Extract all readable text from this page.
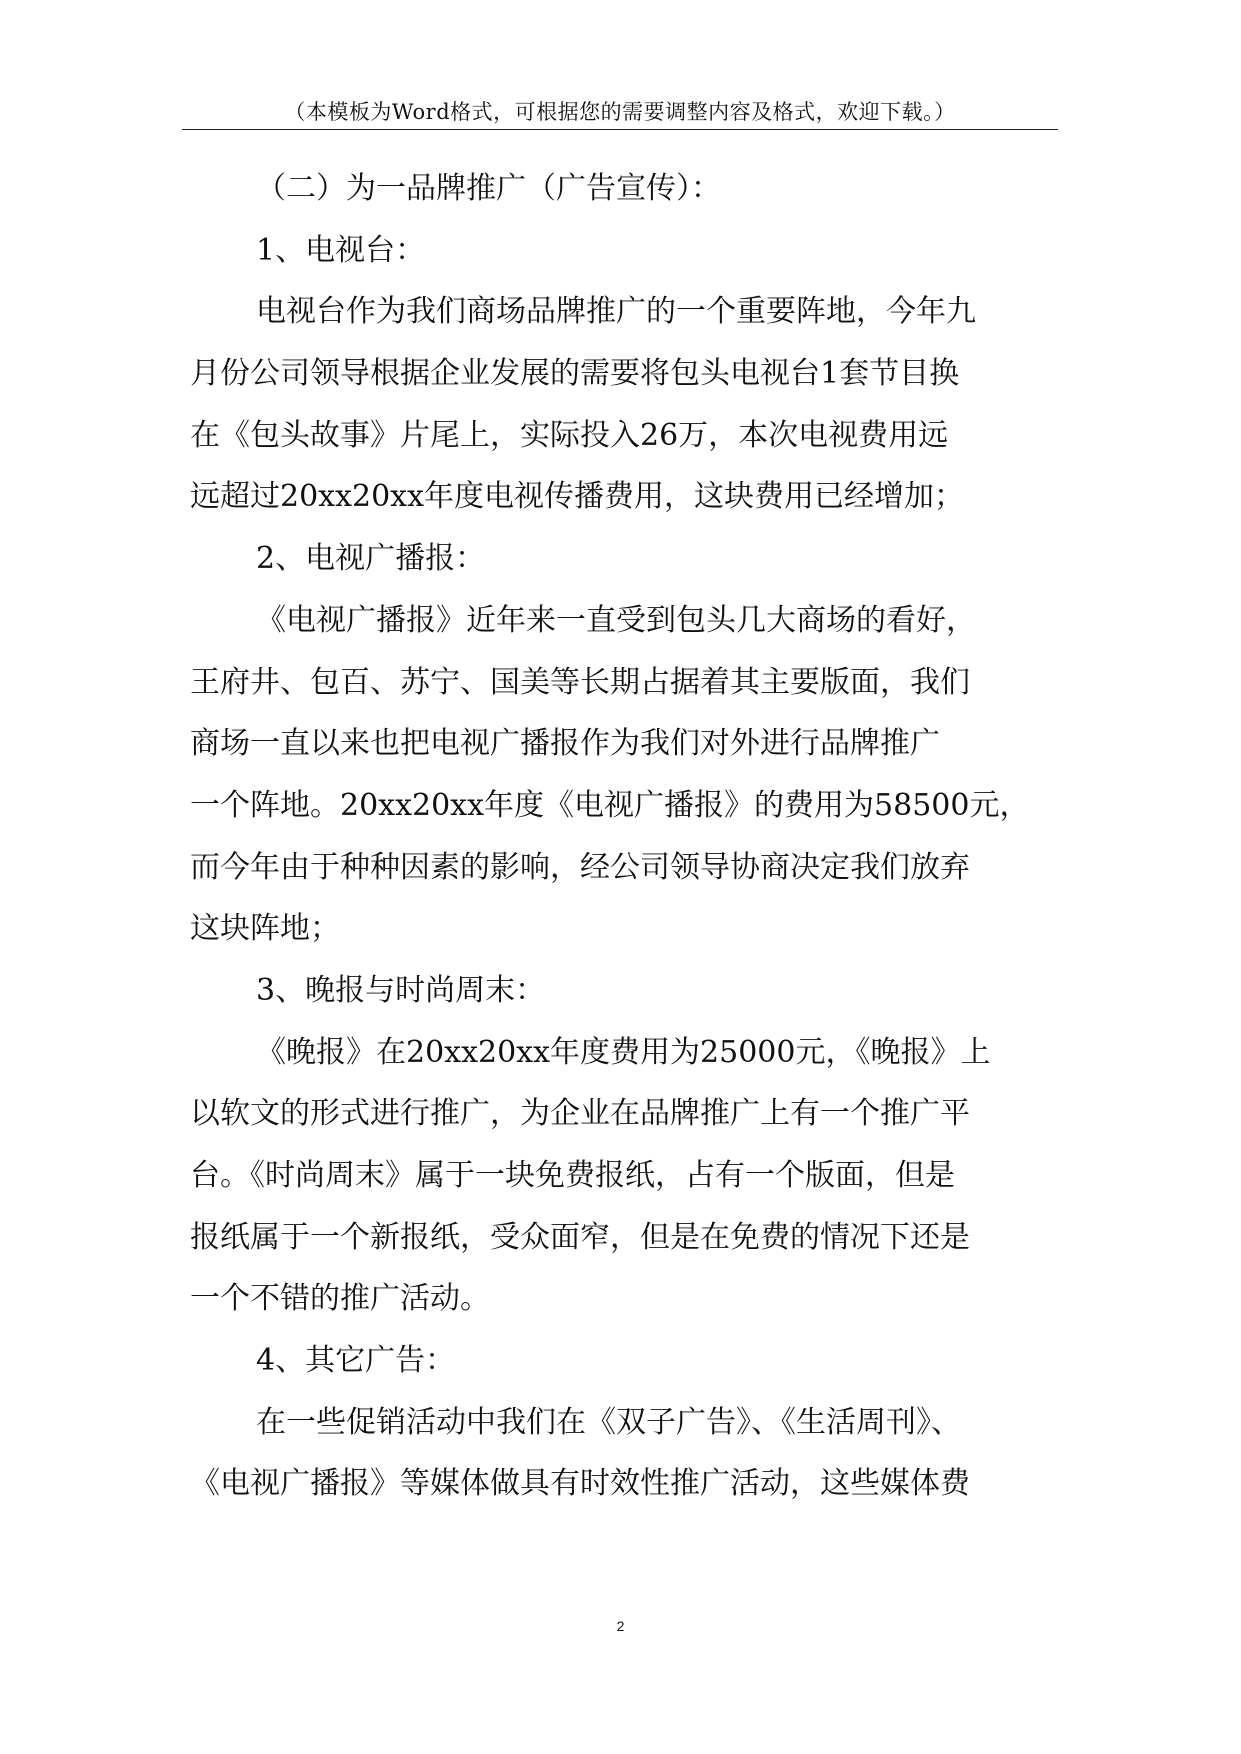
（本模板为Word格式，可根据您的需要调整内容及格式，欢迎下载。）
（二）为一品牌推广（广告宣传）：
1、电视台：
电视台作为我们商场品牌推广的一个重要阵地，今年九
月份公司领导根据企业发展的需要将包头电视台1套节目换
在《包头故事》片尾上，实际投入26万，本次电视费用远
远超过20xx20xx年度电视传播费用，这块费用已经增加；
2、电视广播报：
《电视广播报》近年来一直受到包头几大商场的看好，
王府井、包百、苏宁、国美等长期占据着其主要版面，我们
商场一直以来也把电视广播报作为我们对外进行品牌推广
一个阵地。20xx20xx年度《电视广播报》的费用为58500元，
而今年由于种种因素的影响，经公司领导协商决定我们放弃
这块阵地；
3、晚报与时尚周末：
《晚报》在20xx20xx年度费用为25000元，《晚报》上
以软文的形式进行推广，为企业在品牌推广上有一个推广平
台。《时尚周末》属于一块免费报纸，占有一个版面，但是
报纸属于一个新报纸，受众面窄，但是在免费的情况下还是
一个不错的推广活动。
4、其它广告：
在一些促销活动中我们在《双子广告》、《生活周刊》、
《电视广播报》等媒体做具有时效性推广活动，这些媒体费
2
